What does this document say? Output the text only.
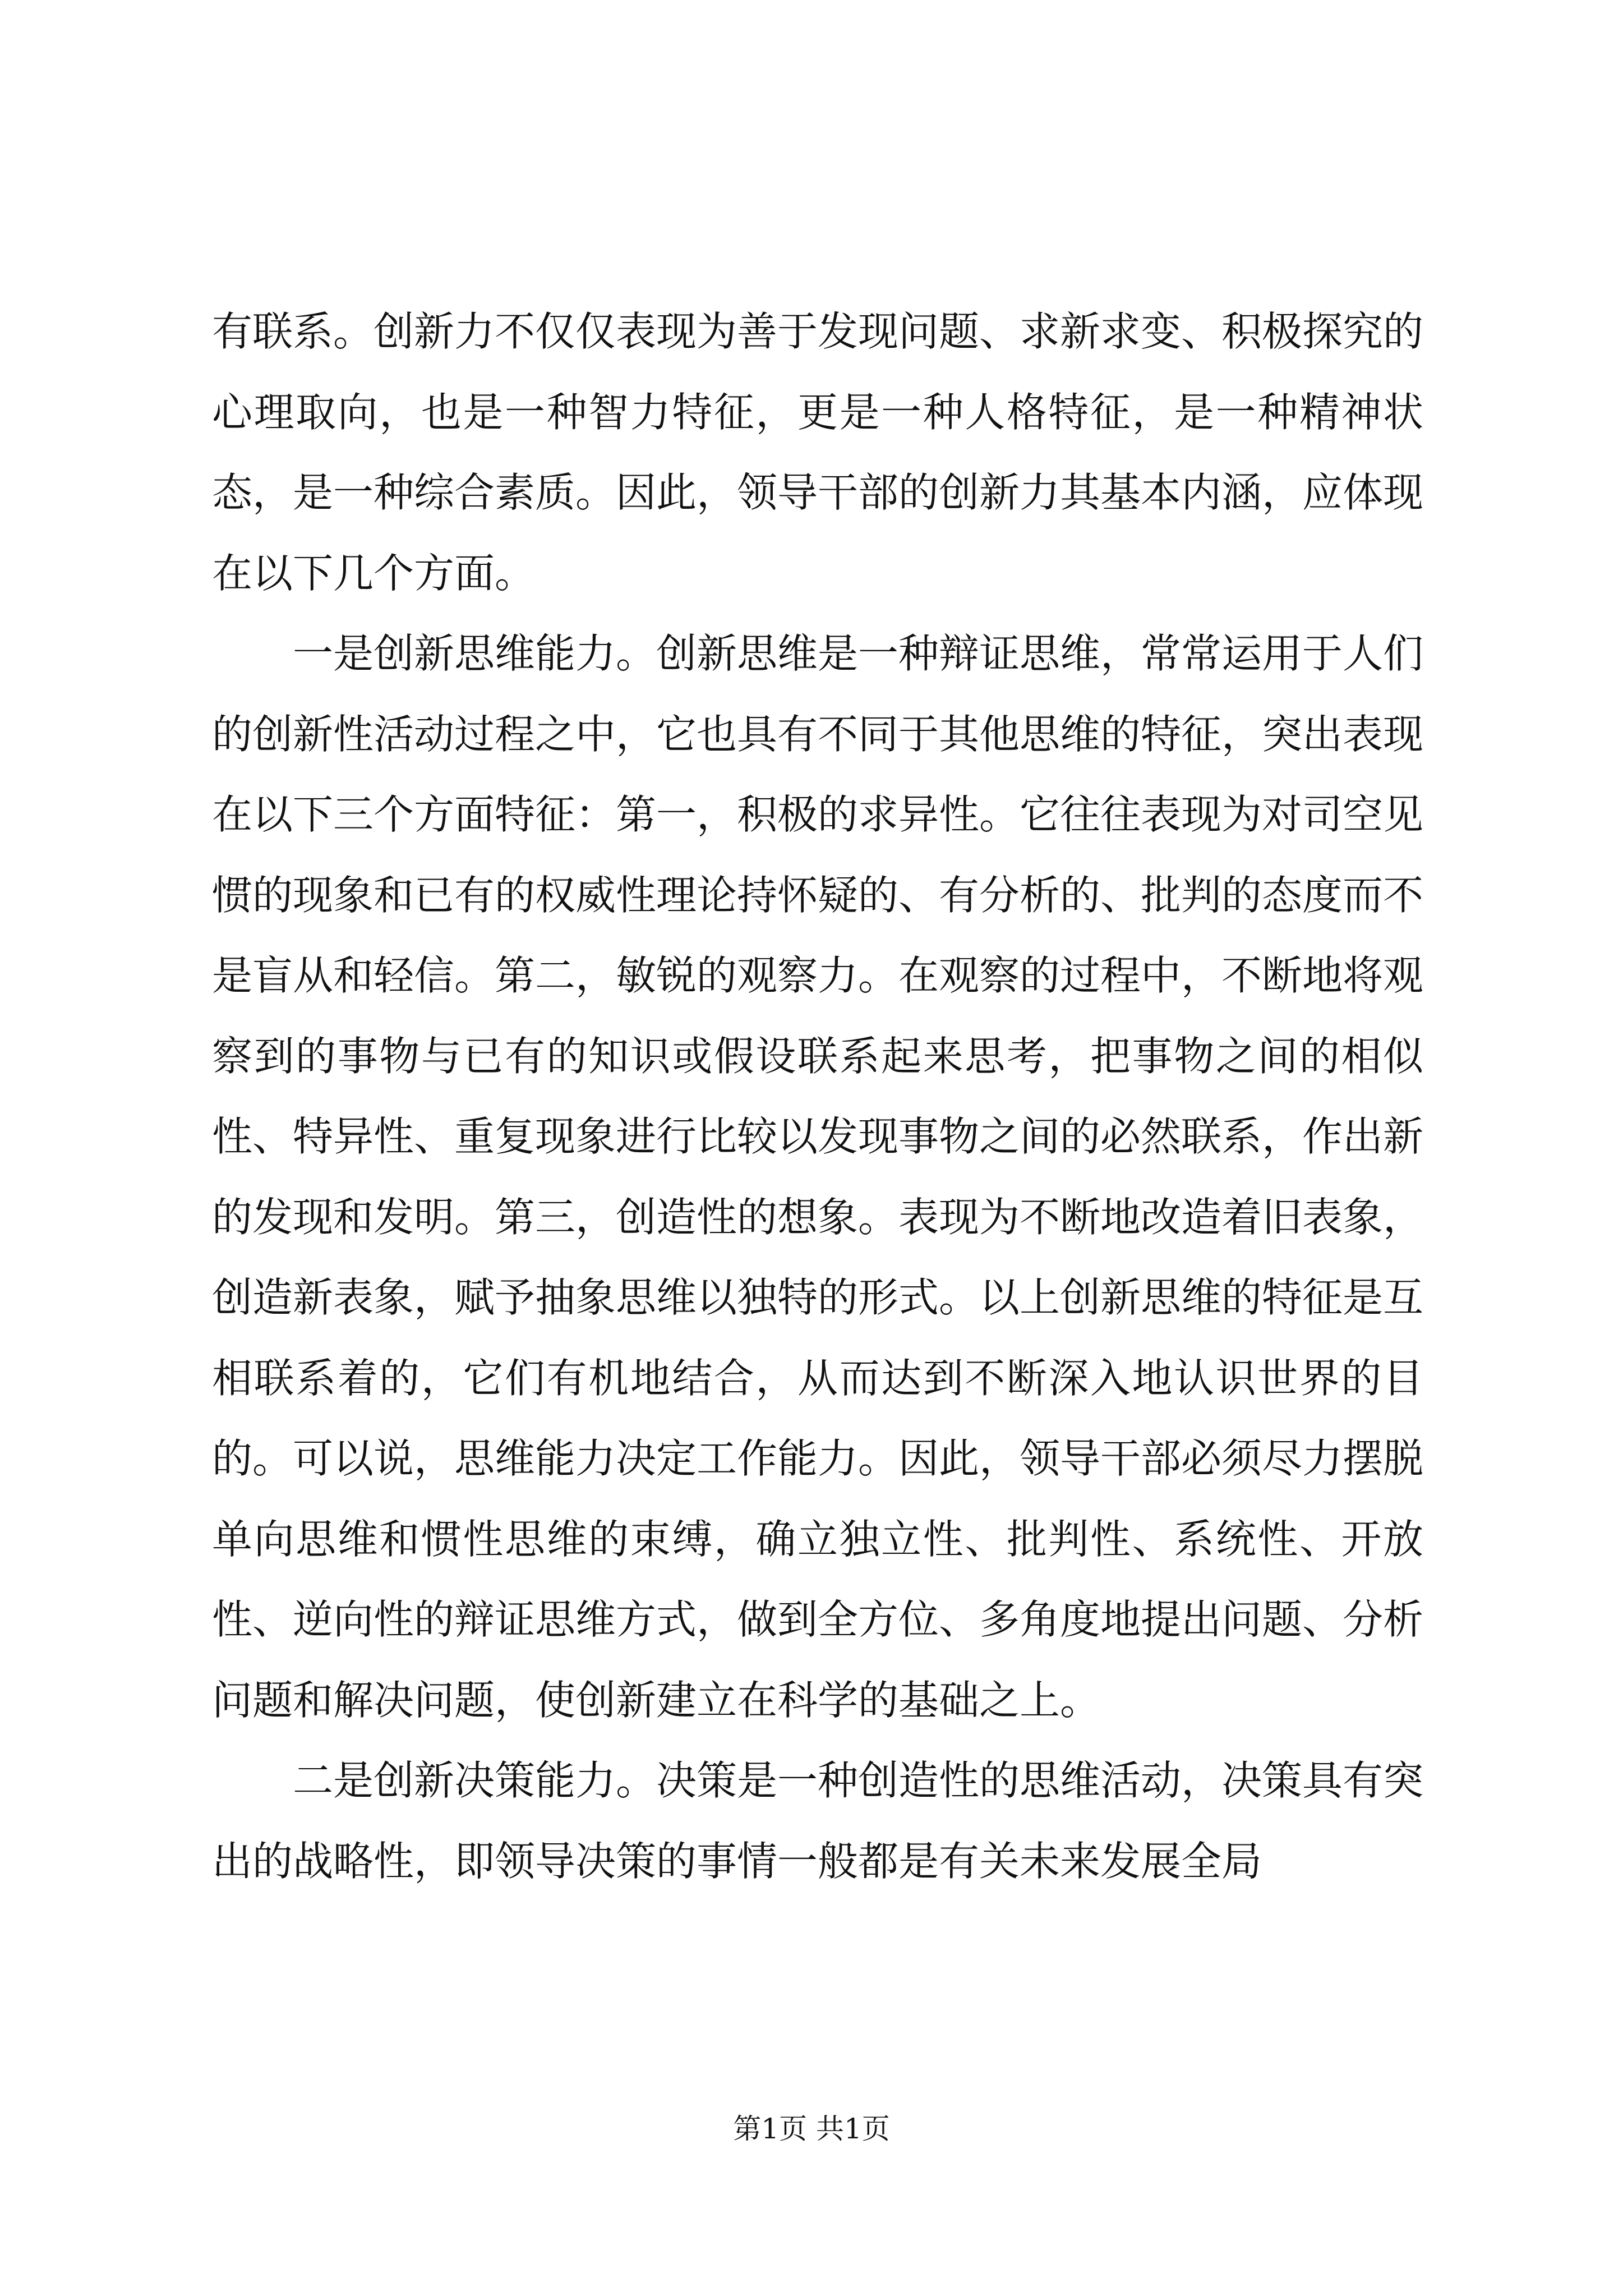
有联系。创新力不仅仅表现为善于发现问题、求新求变、积极探究的心理取向，也是一种智力特征，更是一种人格特征，是一种精神状态，是一种综合素质。因此，领导干部的创新力其基本内涵，应体现在以下几个方面。

一是创新思维能力。创新思维是一种辩证思维，常常运用于人们的创新性活动过程之中，它也具有不同于其他思维的特征，突出表现在以下三个方面特征：第一，积极的求异性。它往往表现为对司空见惯的现象和已有的权威性理论持怀疑的、有分析的、批判的态度而不是盲从和轻信。第二，敏锐的观察力。在观察的过程中，不断地将观察到的事物与已有的知识或假设联系起来思考，把事物之间的相似性、特异性、重复现象进行比较以发现事物之间的必然联系，作出新的发现和发明。第三，创造性的想象。表现为不断地改造着旧表象，创造新表象，赋予抽象思维以独特的形式。以上创新思维的特征是互相联系着的，它们有机地结合，从而达到不断深入地认识世界的目的。可以说，思维能力决定工作能力。因此，领导干部必须尽力摆脱单向思维和惯性思维的束缚，确立独立性、批判性、系统性、开放性、逆向性的辩证思维方式，做到全方位、多角度地提出问题、分析问题和解决问题，使创新建立在科学的基础之上。

二是创新决策能力。决策是一种创造性的思维活动，决策具有突出的战略性，即领导决策的事情一般都是有关未来发展全局

第1页 共1页
